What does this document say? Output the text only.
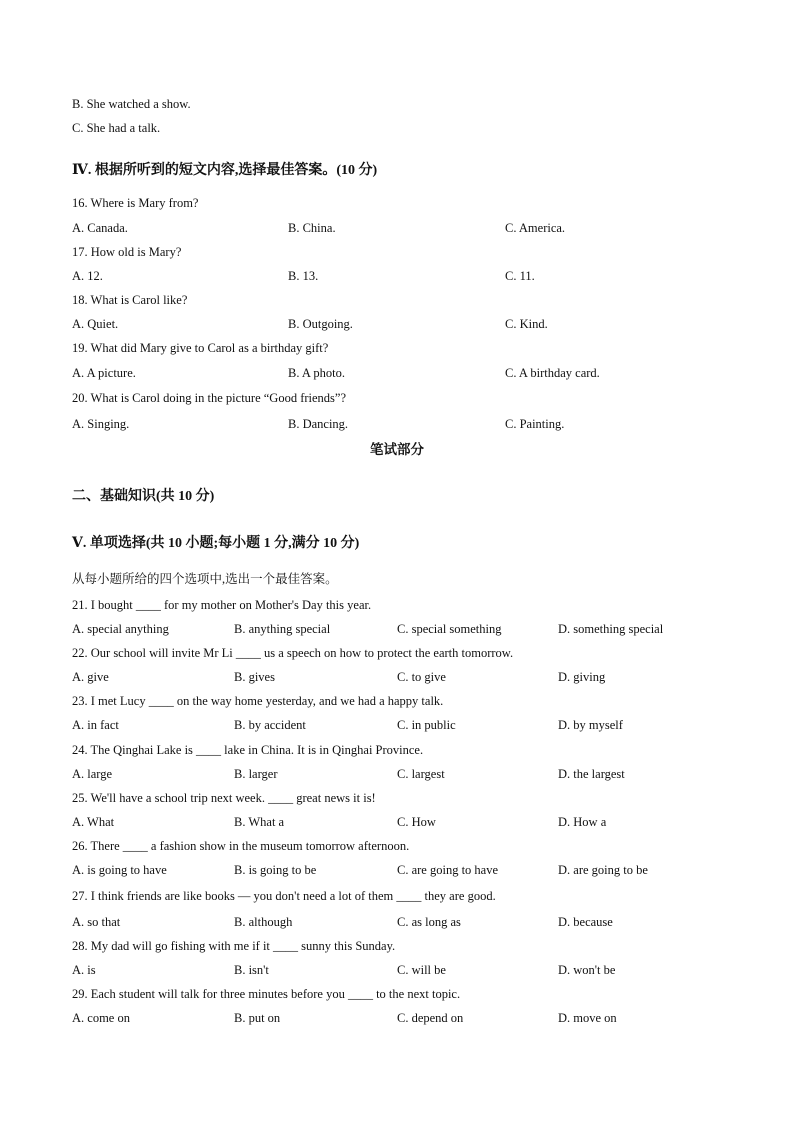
B. She watched a show.
C. She had a talk.
Ⅳ. 根据所听到的短文内容,选择最佳答案。(10 分)
16. Where is Mary from?
A. Canada.	B. China.	C. America.
17. How old is Mary?
A. 12.	B. 13.	C. 11.
18. What is Carol like?
A. Quiet.	B. Outgoing.	C. Kind.
19. What did Mary give to Carol as a birthday gift?
A. A picture.	B. A photo.	C. A birthday card.
20. What is Carol doing in the picture “Good friends”?
A. Singing.	B. Dancing.	C. Painting.
笔试部分
二、基础知识(共 10 分)
Ⅴ. 单项选择(共 10 小题;每小题 1 分,满分 10 分)
从每小题所给的四个选项中,选出一个最佳答案。
21. I bought ____ for my mother on Mother's Day this year.
A. special anything	B. anything special	C. special something	D. something special
22. Our school will invite Mr Li ____ us a speech on how to protect the earth tomorrow.
A. give	B. gives	C. to give	D. giving
23. I met Lucy ____ on the way home yesterday, and we had a happy talk.
A. in fact	B. by accident	C. in public	D. by myself
24. The Qinghai Lake is ____ lake in China. It is in Qinghai Province.
A. large	B. larger	C. largest	D. the largest
25. We'll have a school trip next week. ____ great news it is!
A. What	B. What a	C. How	D. How a
26. There ____ a fashion show in the museum tomorrow afternoon.
A. is going to have	B. is going to be	C. are going to have	D. are going to be
27. I think friends are like books — you don't need a lot of them ____ they are good.
A. so that	B. although	C. as long as	D. because
28. My dad will go fishing with me if it ____ sunny this Sunday.
A. is	B. isn't	C. will be	D. won't be
29. Each student will talk for three minutes before you ____ to the next topic.
A. come on	B. put on	C. depend on	D. move on
